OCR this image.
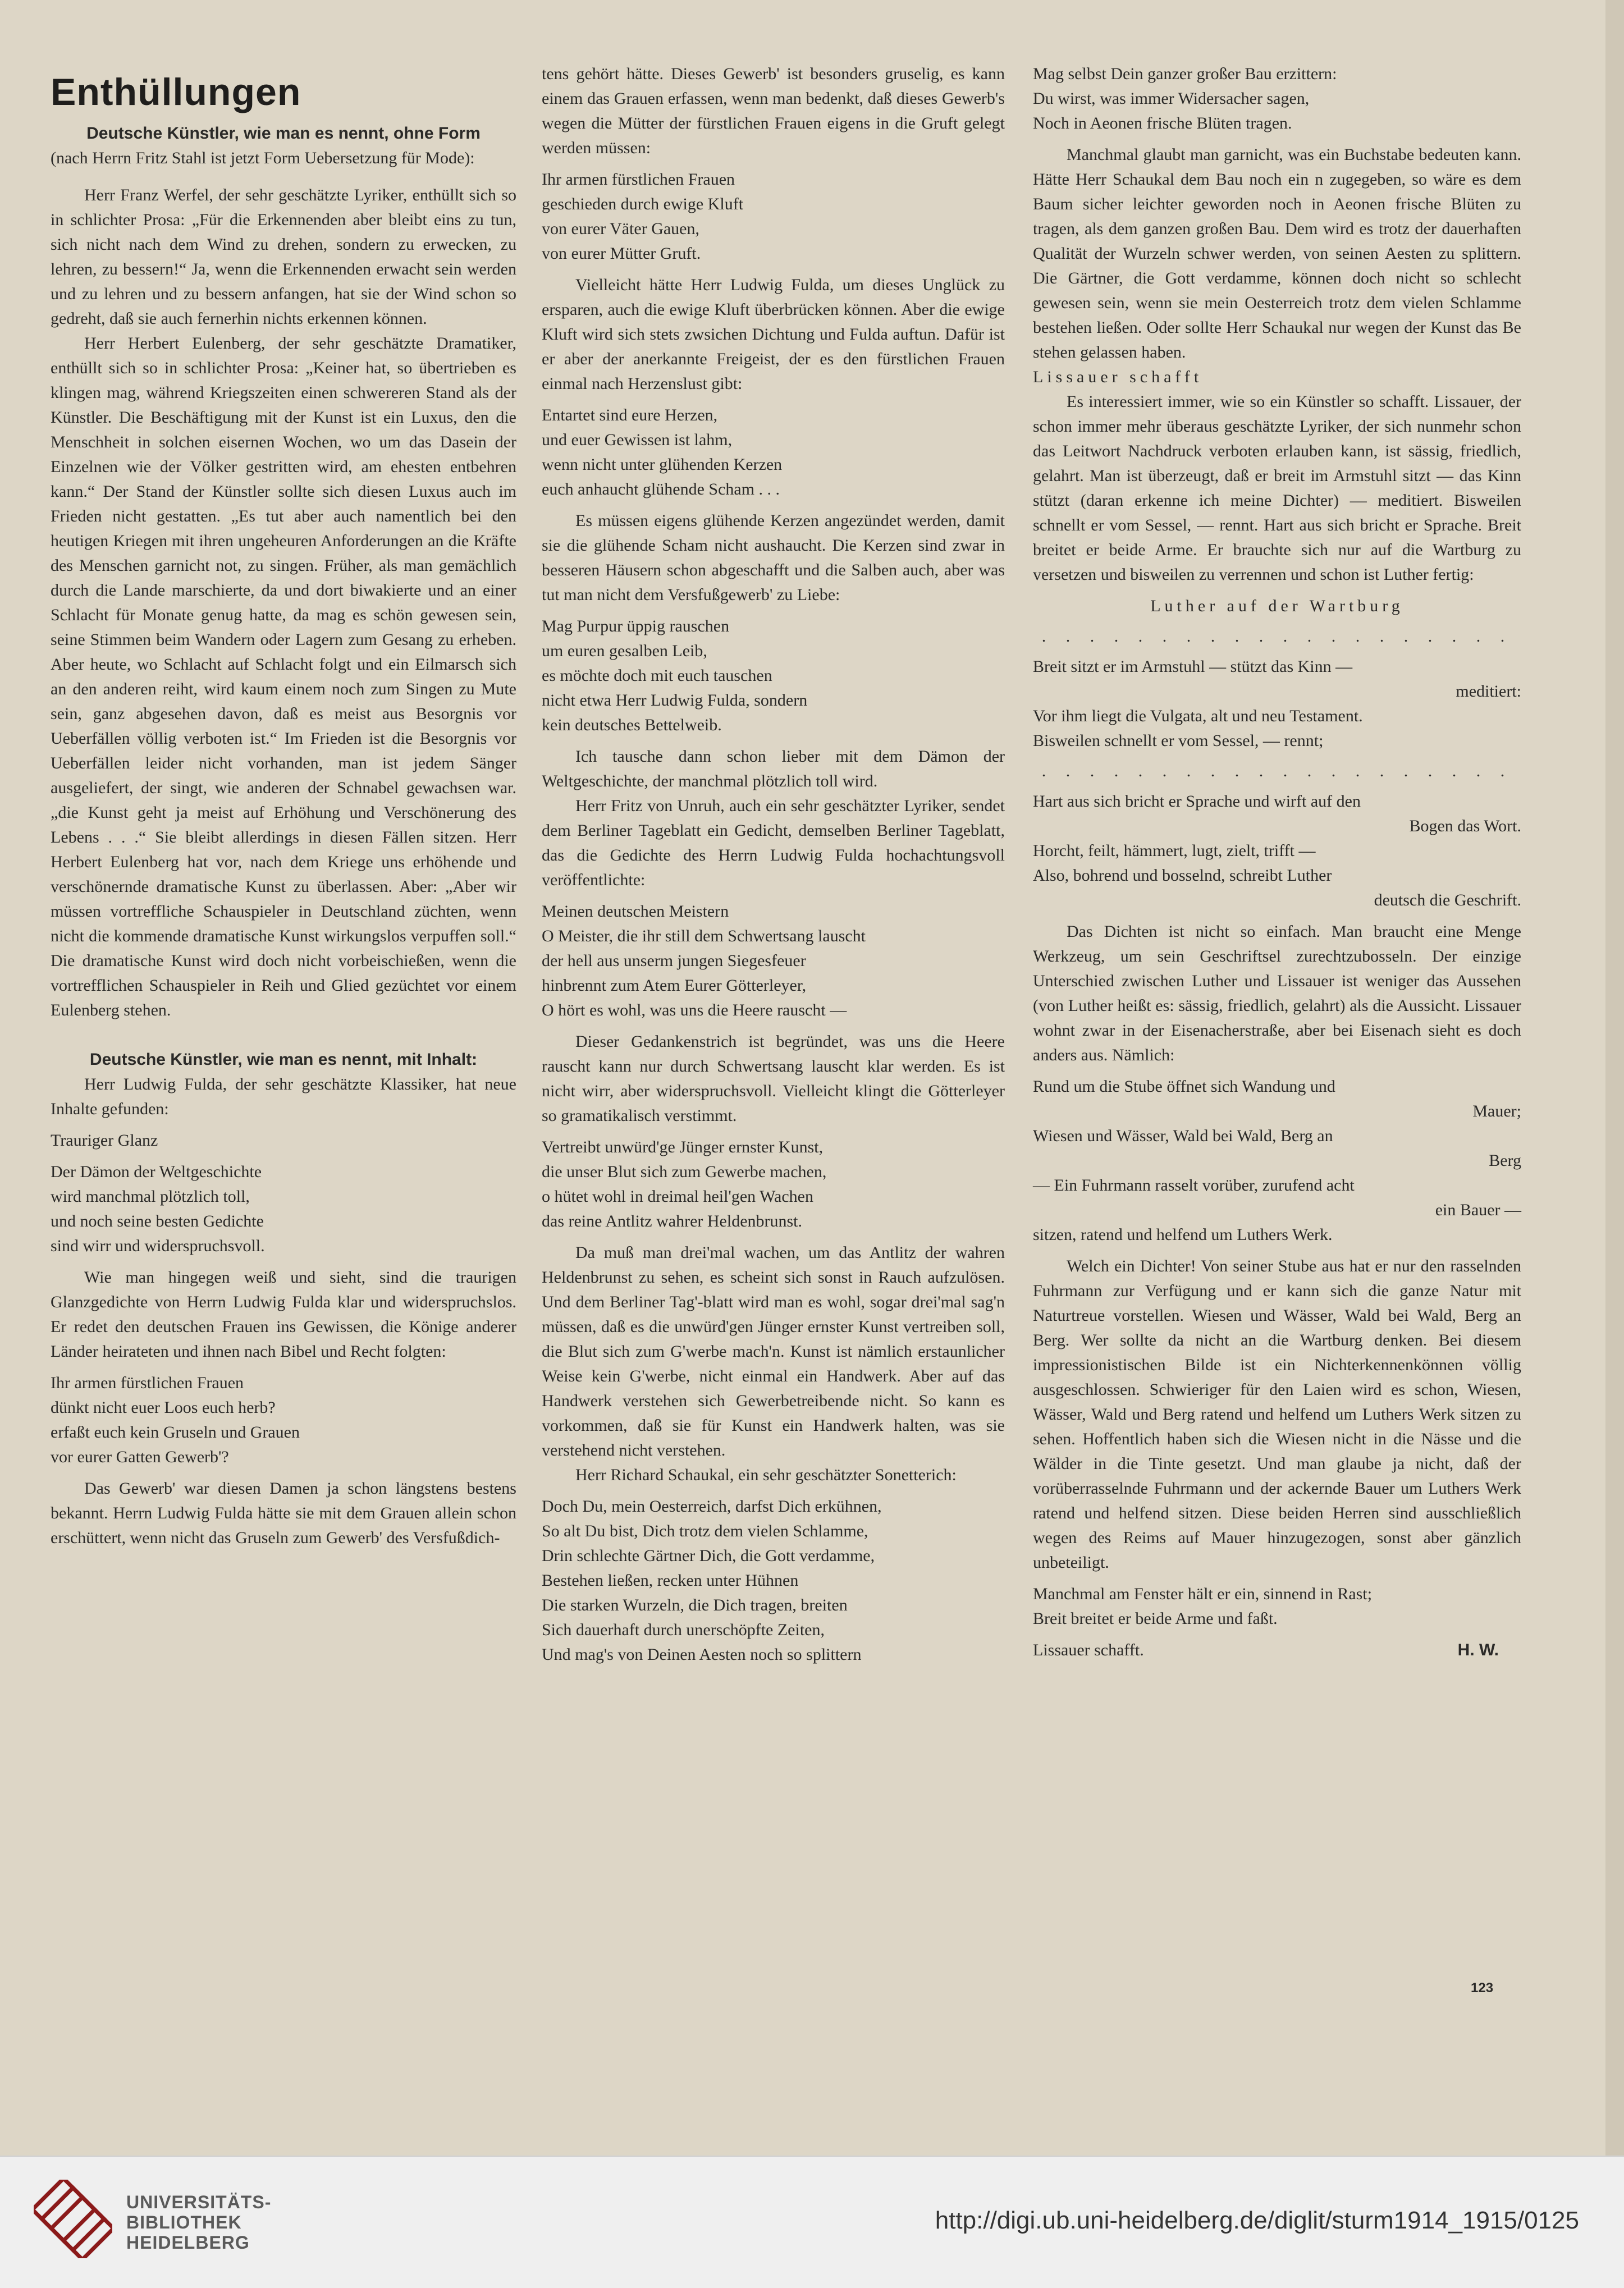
Enthüllungen

Deutsche Künstler, wie man es nennt, ohne Form

(nach Herrn Fritz Stahl ist jetzt Form Uebersetzung für Mode):

Herr Franz Werfel, der sehr geschätzte Lyriker, enthüllt sich so in schlichter Prosa: „Für die Erkennenden aber bleibt eins zu tun, sich nicht nach dem Wind zu drehen, sondern zu erwecken, zu lehren, zu bessern!“ Ja, wenn die Erkennenden erwacht sein werden und zu lehren und zu bessern anfangen, hat sie der Wind schon so gedreht, daß sie auch fernerhin nichts erkennen können.

Herr Herbert Eulenberg, der sehr geschätzte Dramatiker, enthüllt sich so in schlichter Prosa: „Keiner hat, so übertrieben es klingen mag, während Kriegszeiten einen schwereren Stand als der Künstler. Die Beschäftigung mit der Kunst ist ein Luxus, den die Menschheit in solchen eisernen Wochen, wo um das Dasein der Einzelnen wie der Völker gestritten wird, am ehesten entbehren kann.“ Der Stand der Künstler sollte sich diesen Luxus auch im Frieden nicht gestatten. „Es tut aber auch namentlich bei den heutigen Kriegen mit ihren ungeheuren Anforderungen an die Kräfte des Menschen garnicht not, zu singen. Früher, als man gemächlich durch die Lande marschierte, da und dort biwakierte und an einer Schlacht für Monate genug hatte, da mag es schön gewesen sein, seine Stimmen beim Wandern oder Lagern zum Gesang zu erheben. Aber heute, wo Schlacht auf Schlacht folgt und ein Eilmarsch sich an den anderen reiht, wird kaum einem noch zum Singen zu Mute sein, ganz abgesehen davon, daß es meist aus Besorgnis vor Ueberfällen völlig verboten ist.“ Im Frieden ist die Besorgnis vor Ueberfällen leider nicht vorhanden, man ist jedem Sänger ausgeliefert, der singt, wie anderen der Schnabel gewachsen war. „die Kunst geht ja meist auf Erhöhung und Verschönerung des Lebens . . .“ Sie bleibt allerdings in diesen Fällen sitzen. Herr Herbert Eulenberg hat vor, nach dem Kriege uns erhöhende und verschönernde dramatische Kunst zu überlassen. Aber: „Aber wir müssen vortreffliche Schauspieler in Deutschland züchten, wenn nicht die kommende dramatische Kunst wirkungslos verpuffen soll.“ Die dramatische Kunst wird doch nicht vorbeischießen, wenn die vortrefflichen Schauspieler in Reih und Glied gezüchtet vor einem Eulenberg stehen.

Deutsche Künstler, wie man es nennt, mit Inhalt:

Herr Ludwig Fulda, der sehr geschätzte Klassiker, hat neue Inhalte gefunden:

Trauriger Glanz
Der Dämon der Weltgeschichte
wird manchmal plötzlich toll,
und noch seine besten Gedichte
sind wirr und widerspruchsvoll.

Wie man hingegen weiß und sieht, sind die traurigen Glanzgedichte von Herrn Ludwig Fulda klar und widerspruchslos. Er redet den deutschen Frauen ins Gewissen, die Könige anderer Länder heirateten und ihnen nach Bibel und Recht folgten:

Ihr armen fürstlichen Frauen
dünkt nicht euer Loos euch herb?
erfaßt euch kein Gruseln und Grauen
vor eurer Gatten Gewerb'?

Das Gewerb' war diesen Damen ja schon längstens bestens bekannt. Herrn Ludwig Fulda hätte sie mit dem Grauen allein schon erschüttert, wenn nicht das Gruseln zum Gewerb' des Versfußdich-

tens gehört hätte. Dieses Gewerb' ist besonders gruselig, es kann einem das Grauen erfassen, wenn man bedenkt, daß dieses Gewerb's wegen die Mütter der fürstlichen Frauen eigens in die Gruft gelegt werden müssen:

Ihr armen fürstlichen Frauen
geschieden durch ewige Kluft
von eurer Väter Gauen,
von eurer Mütter Gruft.

Vielleicht hätte Herr Ludwig Fulda, um dieses Unglück zu ersparen, auch die ewige Kluft überbrücken können. Aber die ewige Kluft wird sich stets zwsichen Dichtung und Fulda auftun. Dafür ist er aber der anerkannte Freigeist, der es den fürstlichen Frauen einmal nach Herzenslust gibt:

Entartet sind eure Herzen,
und euer Gewissen ist lahm,
wenn nicht unter glühenden Kerzen
euch anhaucht glühende Scham . . .

Es müssen eigens glühende Kerzen angezündet werden, damit sie die glühende Scham nicht aushaucht. Die Kerzen sind zwar in besseren Häusern schon abgeschafft und die Salben auch, aber was tut man nicht dem Versfußgewerb' zu Liebe:

Mag Purpur üppig rauschen
um euren gesalben Leib,
es möchte doch mit euch tauschen
nicht etwa Herr Ludwig Fulda, sondern
kein deutsches Bettelweib.

Ich tausche dann schon lieber mit dem Dämon der Weltgeschichte, der manchmal plötzlich toll wird.

Herr Fritz von Unruh, auch ein sehr geschätzter Lyriker, sendet dem Berliner Tageblatt ein Gedicht, demselben Berliner Tageblatt, das die Gedichte des Herrn Ludwig Fulda hochachtungsvoll veröffentlichte:

Meinen deutschen Meistern
O Meister, die ihr still dem Schwertsang lauscht
der hell aus unserm jungen Siegesfeuer
hinbrennt zum Atem Eurer Götterleyer,
O hört es wohl, was uns die Heere rauscht —

Dieser Gedankenstrich ist begründet, was uns die Heere rauscht kann nur durch Schwertsang lauscht klar werden. Es ist nicht wirr, aber widerspruchsvoll. Vielleicht klingt die Götterleyer so gramatikalisch verstimmt.

Vertreibt unwürd'ge Jünger ernster Kunst,
die unser Blut sich zum Gewerbe machen,
o hütet wohl in dreimal heil'gen Wachen
das reine Antlitz wahrer Heldenbrunst.

Da muß man drei'mal wachen, um das Antlitz der wahren Heldenbrunst zu sehen, es scheint sich sonst in Rauch aufzulösen. Und dem Berliner Tag'-blatt wird man es wohl, sogar drei'mal sag'n müssen, daß es die unwürd'gen Jünger ernster Kunst vertreiben soll, die Blut sich zum G'werbe mach'n. Kunst ist nämlich erstaunlicher Weise kein G'werbe, nicht einmal ein Handwerk. Aber auf das Handwerk verstehen sich Gewerbetreibende nicht. So kann es vorkommen, daß sie für Kunst ein Handwerk halten, was sie verstehend nicht verstehen.

Herr Richard Schaukal, ein sehr geschätzter Sonetterich:

Doch Du, mein Oesterreich, darfst Dich erkühnen,
So alt Du bist, Dich trotz dem vielen Schlamme,
Drin schlechte Gärtner Dich, die Gott verdamme,
Bestehen ließen, recken unter Hühnen
Die starken Wurzeln, die Dich tragen, breiten
Sich dauerhaft durch unerschöpfte Zeiten,
Und mag's von Deinen Aesten noch so splittern
Mag selbst Dein ganzer großer Bau erzittern:
Du wirst, was immer Widersacher sagen,
Noch in Aeonen frische Blüten tragen.

Manchmal glaubt man garnicht, was ein Buchstabe bedeuten kann. Hätte Herr Schaukal dem Bau noch ein n zugegeben, so wäre es dem Baum sicher leichter geworden noch in Aeonen frische Blüten zu tragen, als dem ganzen großen Bau. Dem wird es trotz der dauerhaften Qualität der Wurzeln schwer werden, von seinen Aesten zu splittern. Die Gärtner, die Gott verdamme, können doch nicht so schlecht gewesen sein, wenn sie mein Oesterreich trotz dem vielen Schlamme bestehen ließen. Oder sollte Herr Schaukal nur wegen der Kunst das Be stehen gelassen haben.

Lissauer schafft

Es interessiert immer, wie so ein Künstler so schafft. Lissauer, der schon immer mehr überaus geschätzte Lyriker, der sich nunmehr schon das Leitwort Nachdruck verboten erlauben kann, ist sässig, friedlich, gelahrt. Man ist überzeugt, daß er breit im Armstuhl sitzt — das Kinn stützt (daran erkenne ich meine Dichter) — meditiert. Bisweilen schnellt er vom Sessel, — rennt. Hart aus sich bricht er Sprache. Breit breitet er beide Arme. Er brauchte sich nur auf die Wartburg zu versetzen und bisweilen zu verrennen und schon ist Luther fertig:

Luther auf der Wartburg
. . . . . . . . . . . . . . . . . . . .
Breit sitzt er im Armstuhl — stützt das Kinn —
meditiert:
Vor ihm liegt die Vulgata, alt und neu Testament.
Bisweilen schnellt er vom Sessel, — rennt;
. . . . . . . . . . . . . . . . . . . .
Hart aus sich bricht er Sprache und wirft auf den
Bogen das Wort.
Horcht, feilt, hämmert, lugt, zielt, trifft —
Also, bohrend und bosselnd, schreibt Luther
deutsch die Geschrift.

Das Dichten ist nicht so einfach. Man braucht eine Menge Werkzeug, um sein Geschriftsel zurechtzubosseln. Der einzige Unterschied zwischen Luther und Lissauer ist weniger das Aussehen (von Luther heißt es: sässig, friedlich, gelahrt) als die Aussicht. Lissauer wohnt zwar in der Eisenacherstraße, aber bei Eisenach sieht es doch anders aus. Nämlich:

Rund um die Stube öffnet sich Wandung und
Mauer;
Wiesen und Wässer, Wald bei Wald, Berg an
Berg
— Ein Fuhrmann rasselt vorüber, zurufend acht
ein Bauer —
sitzen, ratend und helfend um Luthers Werk.

Welch ein Dichter! Von seiner Stube aus hat er nur den rasselnden Fuhrmann zur Verfügung und er kann sich die ganze Natur mit Naturtreue vorstellen. Wiesen und Wässer, Wald bei Wald, Berg an Berg. Wer sollte da nicht an die Wartburg denken. Bei diesem impressionistischen Bilde ist ein Nichterkennenkönnen völlig ausgeschlossen. Schwieriger für den Laien wird es schon, Wiesen, Wässer, Wald und Berg ratend und helfend um Luthers Werk sitzen zu sehen. Hoffentlich haben sich die Wiesen nicht in die Nässe und die Wälder in die Tinte gesetzt. Und man glaube ja nicht, daß der vorüberrasselnde Fuhrmann und der ackernde Bauer um Luthers Werk ratend und helfend sitzen. Diese beiden Herren sind ausschließlich wegen des Reims auf Mauer hinzugezogen, sonst aber gänzlich unbeteiligt.

Manchmal am Fenster hält er ein, sinnend in Rast;
Breit breitet er beide Arme und faßt.
Lissauer schafft.	H. W.
123
UNIVERSITÄTS-
BIBLIOTHEK
HEIDELBERG
http://digi.ub.uni-heidelberg.de/diglit/sturm1914_1915/0125
